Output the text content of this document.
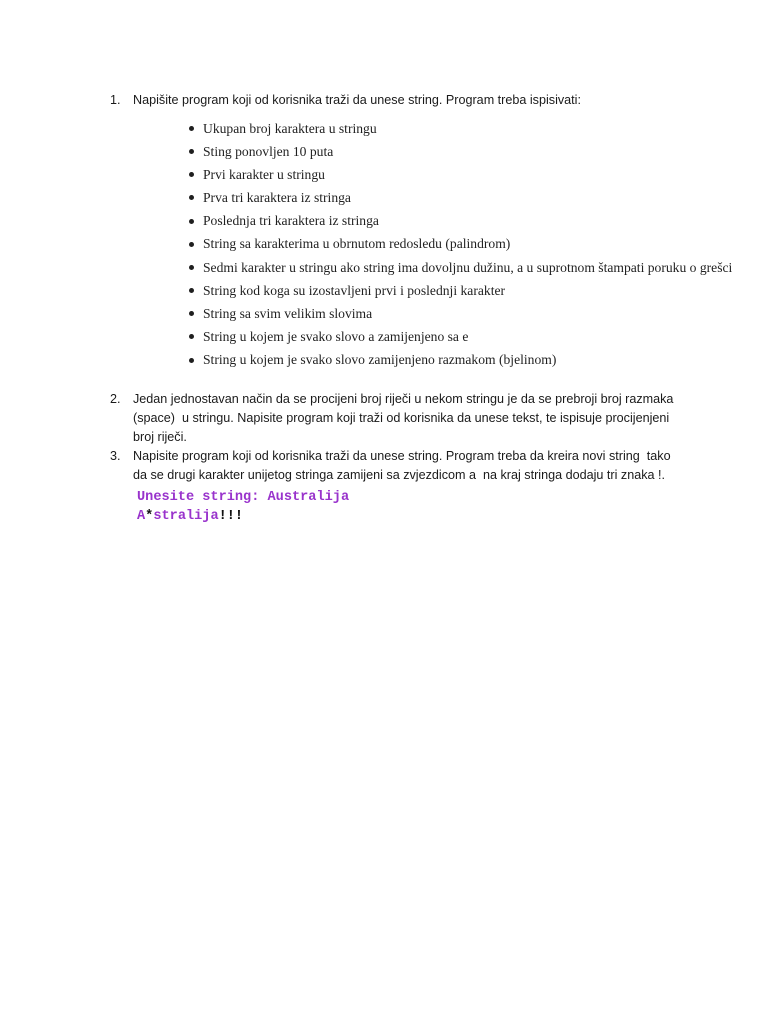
1. Napišite program koji od korisnika traži da unese string. Program treba ispisivati:
Ukupan broj karaktera u stringu
Sting ponovljen 10 puta
Prvi karakter u stringu
Prva tri karaktera iz stringa
Poslednja tri karaktera iz stringa
String sa karakterima u obrnutom redosledu (palindrom)
Sedmi karakter u stringu ako string ima dovoljnu dužinu, a u suprotnom štampati poruku o grešci
String kod koga su izostavljeni prvi i poslednji karakter
String sa svim velikim slovima
String u kojem je svako slovo a zamijenjeno sa e
String u kojem je svako slovo zamijenjeno razmakom (bjelinom)
2. Jedan jednostavan način da se procijeni broj riječi u nekom stringu je da se prebroji broj razmaka
(space)  u stringu. Napisite program koji traži od korisnika da unese tekst, te ispisuje procijenjeni
broj riječi.
3. Napisite program koji od korisnika traži da unese string. Program treba da kreira novi string  tako
da se drugi karakter unijetog stringa zamijeni sa zvjezdicom a  na kraj stringa dodaju tri znaka !.
Unesite string: Australija
A*stralija!!!
